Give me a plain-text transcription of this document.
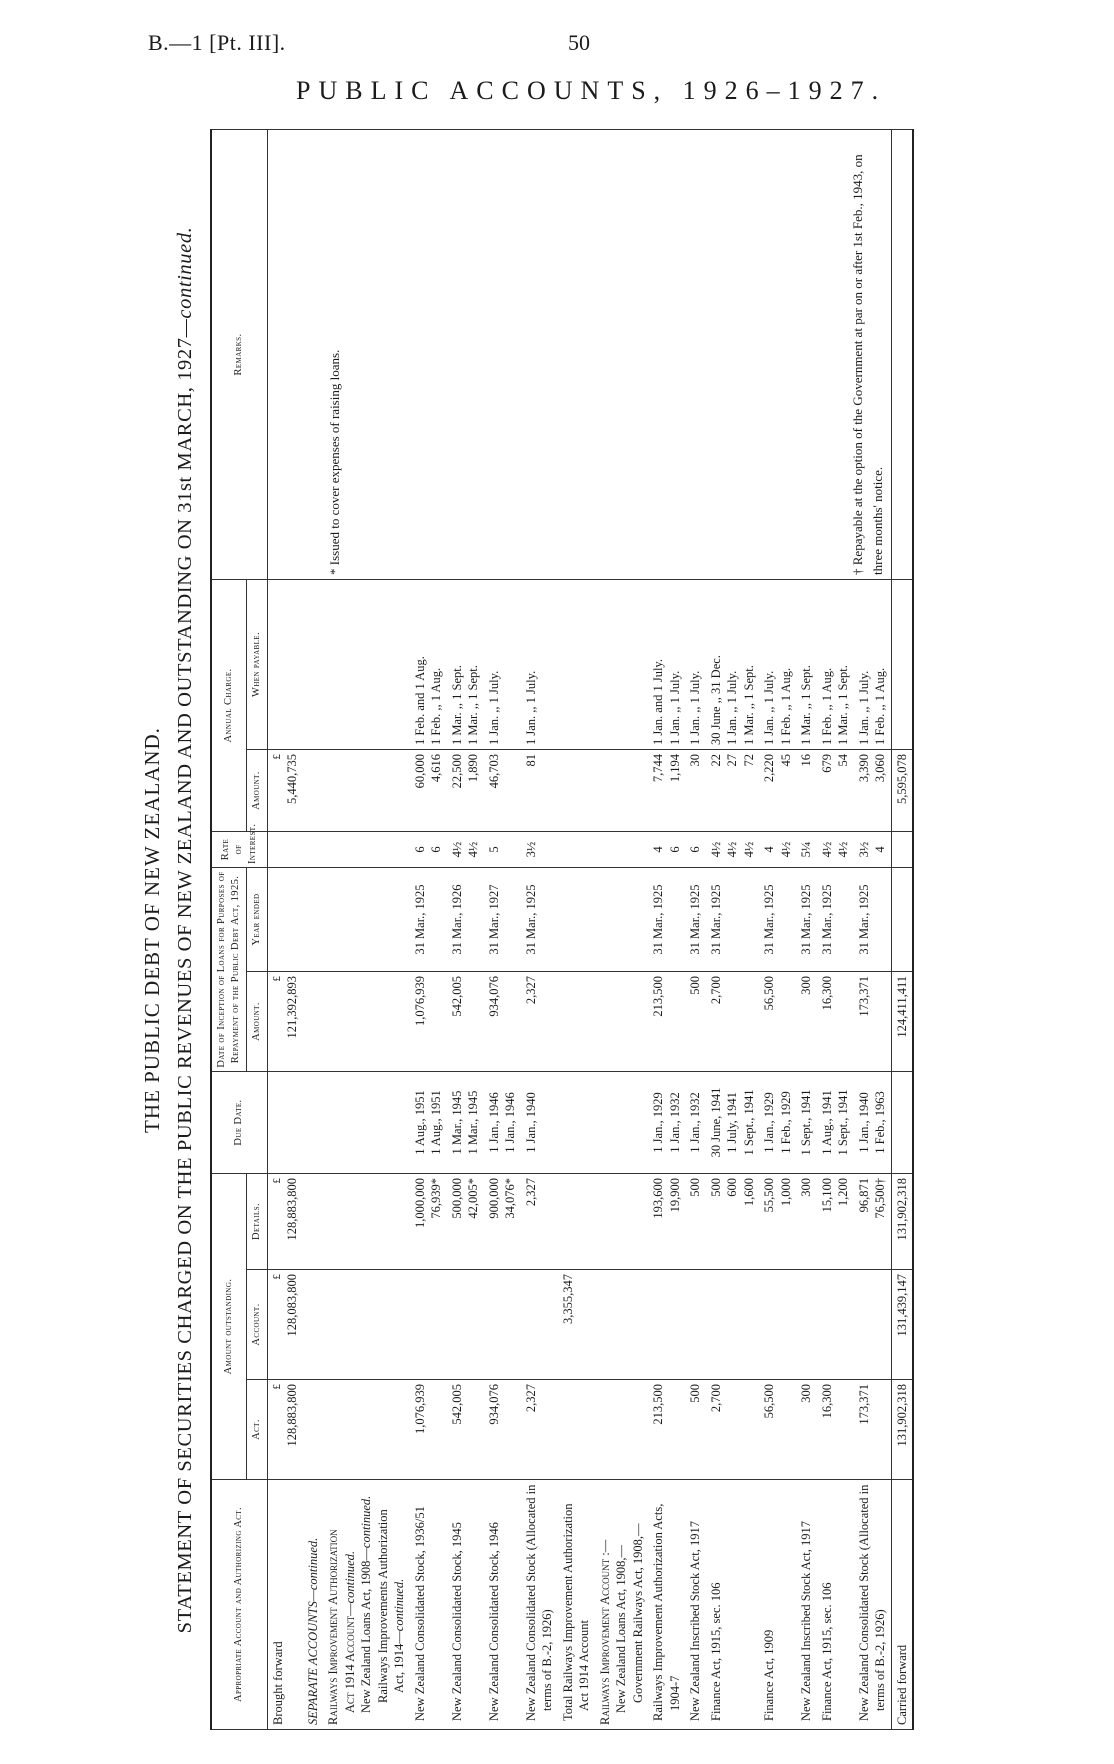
B.—1 [Pt. III].	50
PUBLIC ACCOUNTS, 1926–1927.
THE PUBLIC DEBT OF NEW ZEALAND. STATEMENT OF SECURITIES CHARGED ON THE PUBLIC REVENUES OF NEW ZEALAND AND OUTSTANDING ON 31st MARCH, 1927—continued.
Appropriate Account and Authorizing Act.	Amount outstanding.			Due Date.	Date of Inception of Loans for Purposes of Repayment of the Public Debt Act, 1925.		Rate of Interest.	Annual Charge.		Remarks.
	Act.	Account.	Details.		Amount.	Year ended		Amount.	When payable.	
Brought forward	£ 128,883,800	£ 128,083,800	£ 128,883,800		£ 121,392,893			£ 5,440,735		
SEPARATE ACCOUNTS—continued.										

Railways Improvement Authorization Act 1914 Account—continued. New Zealand Loans Act, 1908—continued. Railways Improvements Authorization Act, 1914—continued.										* Issued to cover expenses of raising loans.
New Zealand Consolidated Stock, 1936/51	1,076,939		1,000,000 76,939*	1 Aug., 1951 1 Aug., 1951	1,076,939	31 Mar., 1925	6 6	60,000 4,616	1 Feb. and 1 Aug. 1 Feb. ,, 1 Aug.	

New Zealand Consolidated Stock, 1945	542,005		500,000 42,005*	1 Mar., 1945 1 Mar., 1945	542,005	31 Mar., 1926	4½ 4½	22,500 1,890	1 Mar. ,, 1 Sept. 1 Mar. ,, 1 Sept.	

New Zealand Consolidated Stock, 1946	934,076		900,000 34,076*	1 Jan., 1946 1 Jan., 1946	934,076	31 Mar., 1927	5	46,703	1 Jan. ,, 1 July.	

New Zealand Consolidated Stock (Allocated in terms of B.-2, 1926)	2,327		2,327	1 Jan., 1940	2,327	31 Mar., 1925	3½	81	1 Jan. ,, 1 July.	

Total Railways Improvement Authorization Act 1914 Account		3,355,347								

Railways Improvement Account :— New Zealand Loans Act, 1908,— Government Railways Act, 1908,—										† Repayable at the option of the Government at par on or after 1st Feb., 1943, on three months' notice.
Railways Improvement Authorization Acts, 1904-7	213,500		193,600 19,900	1 Jan., 1929 1 Jan., 1932	213,500	31 Mar., 1925	4 6	7,744 1,194	1 Jan. and 1 July. 1 Jan. ,, 1 July.	

New Zealand Inscribed Stock Act, 1917	500		500	1 Jan., 1932	500	31 Mar., 1925	6	30	1 Jan. ,, 1 July.	

Finance Act, 1915, sec. 106	2,700		500 600 1,600	30 June, 1941 1 July, 1941 1 Sept., 1941	2,700	31 Mar., 1925	4½ 4½ 4½	22 27 72	30 June ,, 31 Dec. 1 Jan. ,, 1 July. 1 Mar. ,, 1 Sept.	

Finance Act, 1909	56,500		55,500 1,000	1 Jan., 1929 1 Feb., 1929	56,500	31 Mar., 1925	4 4½	2,220 45	1 Jan. ,, 1 July. 1 Feb. ,, 1 Aug.	

New Zealand Inscribed Stock Act, 1917	300		300	1 Sept., 1941	300	31 Mar., 1925	5¼	16	1 Mar. ,, 1 Sept.	

Finance Act, 1915, sec. 106	16,300		15,100 1,200	1 Aug., 1941 1 Sept., 1941	16,300	31 Mar., 1925	4½ 4½	679 54	1 Feb. ,, 1 Aug. 1 Mar. ,, 1 Sept.	

New Zealand Consolidated Stock (Allocated in terms of B.-2, 1926)	173,371		96,871 76,500†	1 Jan., 1940 1 Feb., 1963	173,371	31 Mar., 1925	3½ 4	3,390 3,060	1 Jan. ,, 1 July. 1 Feb. ,, 1 Aug.	

Carried forward	131,902,318	131,439,147	131,902,318		124,411,411			5,595,078		
